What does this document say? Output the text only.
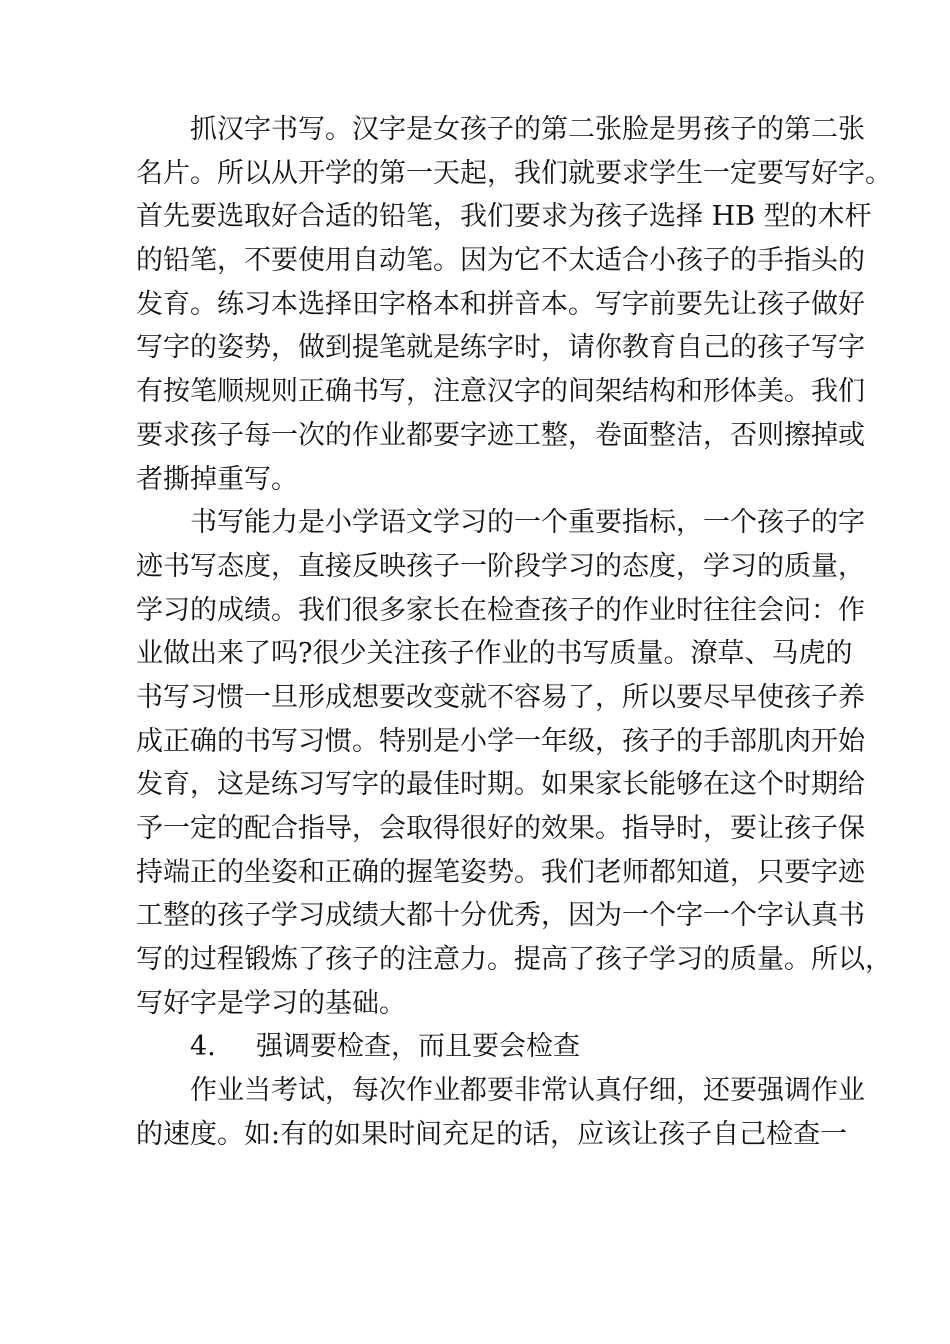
抓汉字书写。汉字是女孩子的第二张脸是男孩子的第二张
名片。所以从开学的第一天起，我们就要求学生一定要写好字。
首先要选取好合适的铅笔，我们要求为孩子选择 HB 型的木杆
的铅笔，不要使用自动笔。因为它不太适合小孩子的手指头的
发育。练习本选择田字格本和拼音本。写字前要先让孩子做好
写字的姿势，做到提笔就是练字时，请你教育自己的孩子写字
有按笔顺规则正确书写，注意汉字的间架结构和形体美。我们
要求孩子每一次的作业都要字迹工整，卷面整洁，否则擦掉或
者撕掉重写。
书写能力是小学语文学习的一个重要指标，一个孩子的字
迹书写态度，直接反映孩子一阶段学习的态度，学习的质量，
学习的成绩。我们很多家长在检查孩子的作业时往往会问：作
业做出来了吗?很少关注孩子作业的书写质量。潦草、马虎的
书写习惯一旦形成想要改变就不容易了，所以要尽早使孩子养
成正确的书写习惯。特别是小学一年级，孩子的手部肌肉开始
发育，这是练习写字的最佳时期。如果家长能够在这个时期给
予一定的配合指导，会取得很好的效果。指导时，要让孩子保
持端正的坐姿和正确的握笔姿势。我们老师都知道，只要字迹
工整的孩子学习成绩大都十分优秀，因为一个字一个字认真书
写的过程锻炼了孩子的注意力。提高了孩子学习的质量。所以，
写好字是学习的基础。
4. 强调要检查，而且要会检查
作业当考试，每次作业都要非常认真仔细，还要强调作业
的速度。如:有的如果时间充足的话，应该让孩子自己检查一
